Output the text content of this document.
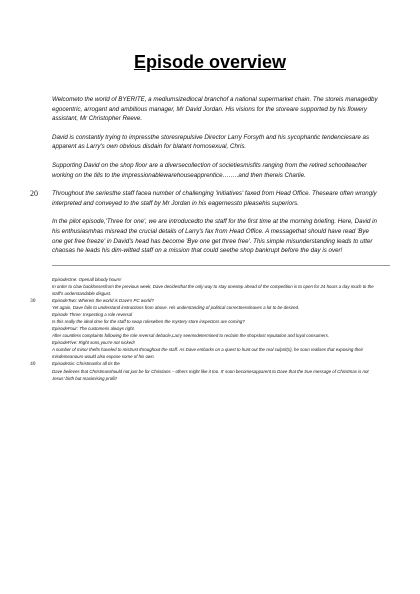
Episode overview

Welcometo the world of BYERITE, a mediumsizedlocal branchof a national supermarket chain. The storeis managedby egocentric, arrogant and ambitious manager, Mr David Jordan. His visions for the storeare supported by his flowery assistant, Mr Christopher Reeve.

David is constantly trying to impressthe storesrepulsive Director Larry Forsyth and his sycophantic tendenciesare as apparent as Larry's own obvious disdain for blatant homosexual, Chris.

Supporting David on the shop floor are a diversecollection of societiesmisfits ranging from the retired schoolteacher working on the tills to the impressionablewarehouseapprentice……..and then thereis Charlie.

20 Throughout the seriesthe staff facea number of challenging 'initiatives' faxed from Head Office. Theseare often wrongly interpreted and conveyed to the staff by Mr Jordan in his eagernessto pleasehis superiors.

In the pilot episode,'Three for one', we are introducedto the staff for the first time at the morning briefing. Here, David in his enthusiasmhas misread the crucial details of Larry's fax from Head Office. A messagethat should have read 'Bye one get free freeze' in David's head has become 'Bye one get three free'. This simple misunderstanding leads to utter chaosas he leads his dim-witted staff on a mission that could seethe shop bankrupt before the day is over!

EpisodeOne: Openall bloody hours!

In order to claw backlossesfrom the previous week, Dave decidesthat the only way to stay onestep ahead of the competition is to open for 24 hours a day much to the staff's understandable disgust.

30	EpisodeTwo: Whereis the world is Dave's PC world?

Yet again, Dave fails to understand instructions from above. His understanding of political correctnessleaves a lot to be desired.

Episode Three: Inspecting a role reversal

Is this really the ideal time for the staff to swap roleswhen the mystery store inspectors are coming?

EpisodeFour: The customeris always right.

After countless complaints following the role reversal debacle,Larry seemsdetermined to reclaim the shopslost reputation and loyal consumers.

EpisodeFive: Right sons,you're not nicked!

A number of minor thefts haveled to mistrust throughout the staff. As Dave embarks on a quest to hunt out the real culprit(s), he soon realises that exposing their misdemeanours would also expose some of his own.

40	EpisodeSix: Christmasfor all tis the

Dave believes that Christmasshould not just be for Christians – others might like it too. It' soon becomesapparent to Dave that the true message of Christmas is not Jesus' birth but maximising profit!
